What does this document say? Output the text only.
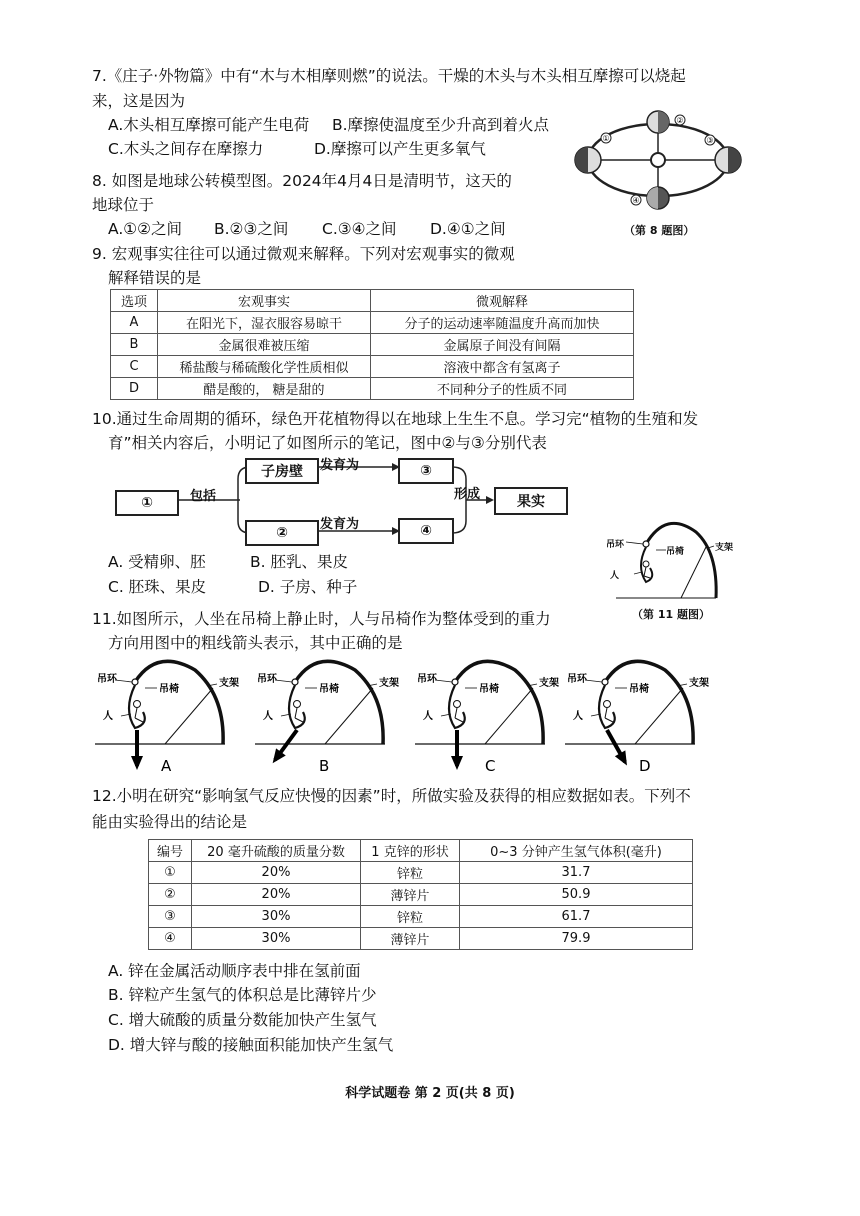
7.《庄子·外物篇》中有“木与木相摩则燃”的说法。干燥的木头与木头相互摩擦可以烧起
来，这是因为
A.木头相互摩擦可能产生电荷 B.摩擦使温度至少升高到着火点
C.木头之间存在摩擦力	D.摩擦可以产生更多氧气
②
③
④
①
（第 8 题图）
8. 如图是地球公转模型图。2024年4月4日是清明节，这天的
地球位于
A.①②之间 B.②③之间 C.③④之间 D.④①之间
9. 宏观事实往往可以通过微观来解释。下列对宏观事实的微观
解释错误的是
选项	宏观事实	微观解释
A	在阳光下，湿衣服容易晾干	分子的运动速率随温度升高而加快
B	金属很难被压缩	金属原子间没有间隔
C	稀盐酸与稀硫酸化学性质相似	溶液中都含有氢离子
D	醋是酸的， 糖是甜的	不同种分子的性质不同
10.通过生命周期的循环，绿色开花植物得以在地球上生生不息。学习完“植物的生殖和发
育”相关内容后，小明记了如图所示的笔记，图中②与③分别代表
①
子房壁
②
③
④
果实
包括
发育为
发育为
形成
A. 受精卵、胚	B. 胚乳、果皮
C. 胚珠、果皮	D. 子房、种子
吊环
吊椅	支架
人
（第 11 题图）
11.如图所示，人坐在吊椅上静止时，人与吊椅作为整体受到的重力
方向用图中的粗线箭头表示，其中正确的是
吊环
吊椅
支架
人
A
吊环
吊椅
支架
人
B
吊环
吊椅
支架
人
C
吊环
吊椅
支架
人
D
12.小明在研究“影响氢气反应快慢的因素”时，所做实验及获得的相应数据如表。下列不
能由实验得出的结论是
编号	20 毫升硫酸的质量分数	1 克锌的形状	0~3 分钟产生氢气体积(毫升)
①	20%	锌粒	31.7
②	20%	薄锌片	50.9
③	30%	锌粒	61.7
④	30%	薄锌片	79.9
A. 锌在金属活动顺序表中排在氢前面
B. 锌粒产生氢气的体积总是比薄锌片少
C. 增大硫酸的质量分数能加快产生氢气
D. 增大锌与酸的接触面积能加快产生氢气
科学试题卷 第 2 页(共 8 页)
